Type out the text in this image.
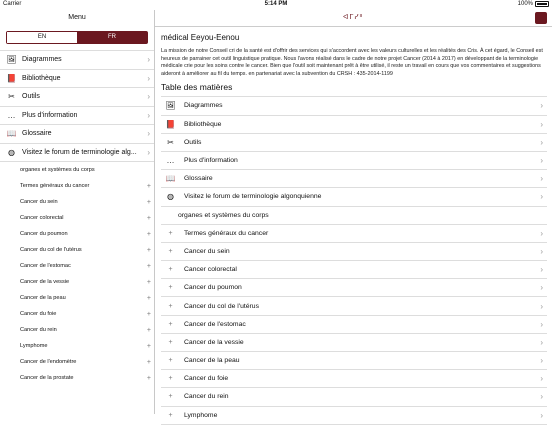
Carrier	5:14 PM	100%
Menu
EN	FR
🖼 Diagrammes	›
📕 Bibliothèque	›
✂ Outils	›
… Plus d'information	›
📖 Glossaire	›
◍ Visitez le forum de terminologie alg... ›
organes et systèmes du corps
Termes généraux du cancer	+
Cancer du sein	+
Cancer colorectal	+
Cancer du poumon	+
Cancer du col de l'utérus	+
Cancer de l'estomac	+
Cancer de la vessie	+
Cancer de la peau	+
Cancer du foie	+
Cancer du rein	+
Lymphome	+
Cancer de l'endomètre	+
Cancer de la prostate	+
ᐊᒥᓯᐦ
médical Eeyou-Eenou
La mission de notre Conseil cri de la santé est d'offrir des services qui s'accordent avec les valeurs culturelles et les réalités des Cris. À cet égard, le Conseil est heureux de parrainer cet outil linguistique pratique. Nous l'avons réalisé dans le cadre de notre projet Cancer (2014 à 2017) en développant de la terminologie médicale crie pour les soins contre le cancer. Bien que l'outil soit maintenant prêt à être utilisé, il reste un travail en cours que vos commentaires et suggestions aideront à améliorer au fil du temps. en partenariat avec la subvention du CRSH : 435-2014-1199
Table des matières
🖼 Diagrammes	›
📕 Bibliothèque	›
✂ Outils	›
… Plus d'information	›
📖 Glossaire	›
◍ Visitez le forum de terminologie algonquienne	›
organes et systèmes du corps
+	Termes généraux du cancer	›
+	Cancer du sein	›
+	Cancer colorectal	›
+	Cancer du poumon	›
+	Cancer du col de l'utérus	›
+	Cancer de l'estomac	›
+	Cancer de la vessie	›
+	Cancer de la peau	›
+	Cancer du foie	›
+	Cancer du rein	›
+	Lymphome	›
